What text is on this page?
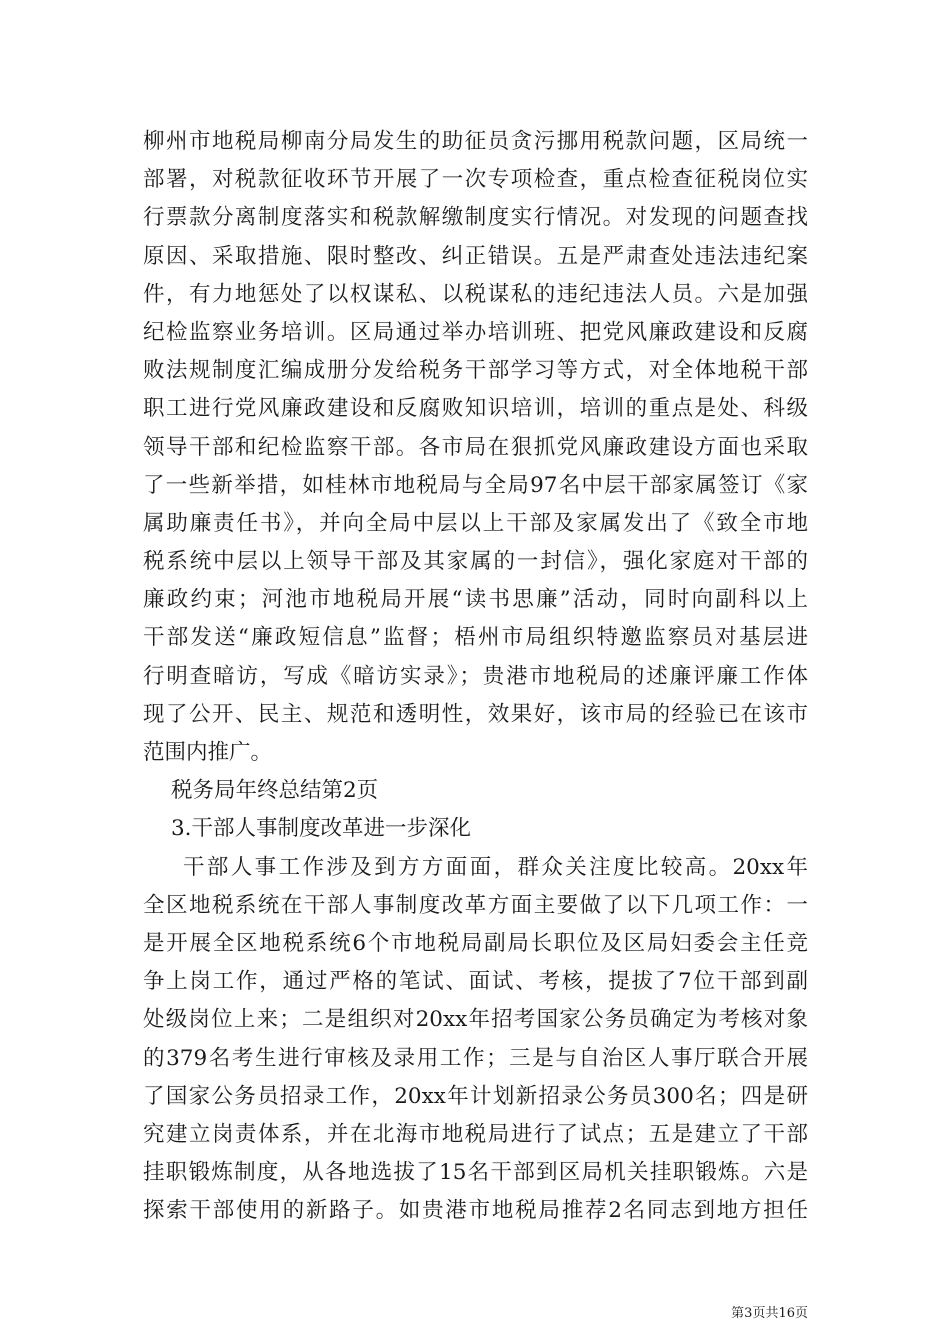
柳州市地税局柳南分局发生的助征员贪污挪用税款问题，区局统一
部署，对税款征收环节开展了一次专项检查，重点检查征税岗位实
行票款分离制度落实和税款解缴制度实行情况。对发现的问题查找
原因、采取措施、限时整改、纠正错误。五是严肃查处违法违纪案
件，有力地惩处了以权谋私、以税谋私的违纪违法人员。六是加强
纪检监察业务培训。区局通过举办培训班、把党风廉政建设和反腐
败法规制度汇编成册分发给税务干部学习等方式，对全体地税干部
职工进行党风廉政建设和反腐败知识培训，培训的重点是处、科级
领导干部和纪检监察干部。各市局在狠抓党风廉政建设方面也采取
了一些新举措，如桂林市地税局与全局97名中层干部家属签订《家
属助廉责任书》，并向全局中层以上干部及家属发出了《致全市地
税系统中层以上领导干部及其家属的一封信》，强化家庭对干部的
廉政约束；河池市地税局开展“读书思廉”活动，同时向副科以上
干部发送“廉政短信息”监督；梧州市局组织特邀监察员对基层进
行明查暗访，写成《暗访实录》；贵港市地税局的述廉评廉工作体
现了公开、民主、规范和透明性，效果好，该市局的经验已在该市
范围内推广。
税务局年终总结第2页
3.干部人事制度改革进一步深化
干部人事工作涉及到方方面面，群众关注度比较高。20xx年
全区地税系统在干部人事制度改革方面主要做了以下几项工作：一
是开展全区地税系统6个市地税局副局长职位及区局妇委会主任竞
争上岗工作，通过严格的笔试、面试、考核，提拔了7位干部到副
处级岗位上来；二是组织对20xx年招考国家公务员确定为考核对象
的379名考生进行审核及录用工作；三是与自治区人事厅联合开展
了国家公务员招录工作，20xx年计划新招录公务员300名；四是研
究建立岗责体系，并在北海市地税局进行了试点；五是建立了干部
挂职锻炼制度，从各地选拔了15名干部到区局机关挂职锻炼。六是
探索干部使用的新路子。如贵港市地税局推荐2名同志到地方担任
第3页共16页
